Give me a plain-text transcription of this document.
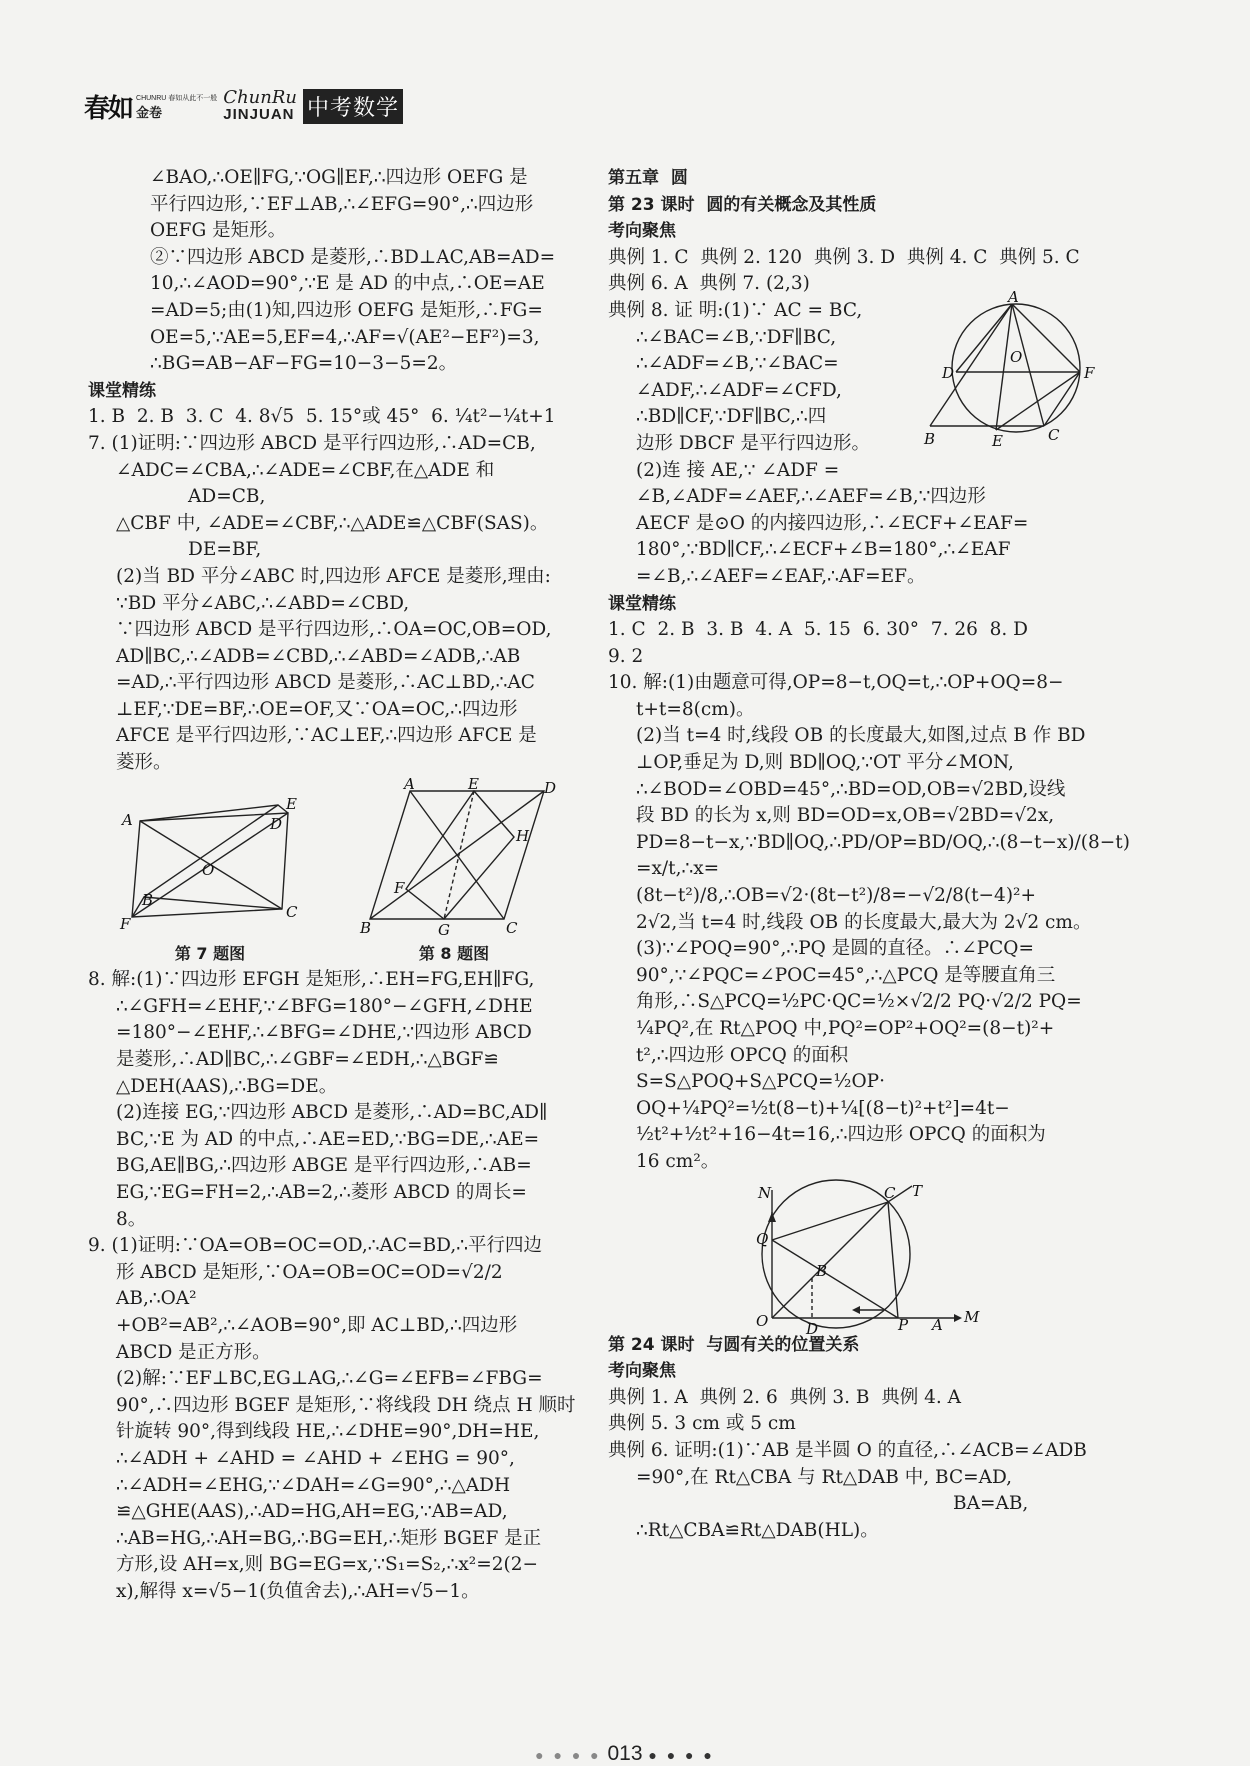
春如 CHUNRU 春如从此不一般
金卷
ChunRu
JINJUAN 中考数学

∠BAO,∴OE∥FG,∵OG∥EF,∴四边形 OEFG 是

平行四边形,∵EF⊥AB,∴∠EFG=90°,∴四边形

OEFG 是矩形。

②∵四边形 ABCD 是菱形,∴BD⊥AC,AB=AD=

10,∴∠AOD=90°,∵E 是 AD 的中点,∴OE=AE

=AD=5;由(1)知,四边形 OEFG 是矩形,∴FG=

OE=5,∵AE=5,EF=4,∴AF=√(AE²−EF²)=3,

∴BG=AB−AF−FG=10−3−5=2。

课堂精练

1. B  2. B  3. C  4. 8√5  5. 15°或 45°  6. ¼t²−¼t+1

7. (1)证明:∵四边形 ABCD 是平行四边形,∴AD=CB,

∠ADC=∠CBA,∴∠ADE=∠CBF,在△ADE 和

AD=CB,

△CBF 中, ∠ADE=∠CBF,∴△ADE≌△CBF(SAS)。

DE=BF,

(2)当 BD 平分∠ABC 时,四边形 AFCE 是菱形,理由:

∵BD 平分∠ABC,∴∠ABD=∠CBD,

∵四边形 ABCD 是平行四边形,∴OA=OC,OB=OD,

AD∥BC,∴∠ADB=∠CBD,∴∠ABD=∠ADB,∴AB

=AD,∴平行四边形 ABCD 是菱形,∴AC⊥BD,∴AC

⊥EF,∵DE=BF,∴OE=OF,又∵OA=OC,∴四边形

AFCE 是平行四边形,∵AC⊥EF,∴四边形 AFCE 是

菱形。

A
E
D
O
B
C
F
第 7 题图
A	E	D
H
F
B	G	C
第 8 题图

8. 解:(1)∵四边形 EFGH 是矩形,∴EH=FG,EH∥FG,

∴∠GFH=∠EHF,∵∠BFG=180°−∠GFH,∠DHE

=180°−∠EHF,∴∠BFG=∠DHE,∵四边形 ABCD

是菱形,∴AD∥BC,∴∠GBF=∠EDH,∴△BGF≌

△DEH(AAS),∴BG=DE。

(2)连接 EG,∵四边形 ABCD 是菱形,∴AD=BC,AD∥

BC,∵E 为 AD 的中点,∴AE=ED,∵BG=DE,∴AE=

BG,AE∥BG,∴四边形 ABGE 是平行四边形,∴AB=

EG,∵EG=FH=2,∴AB=2,∴菱形 ABCD 的周长=

8。

9. (1)证明:∵OA=OB=OC=OD,∴AC=BD,∴平行四边

形 ABCD 是矩形,∵OA=OB=OC=OD=√2/2 AB,∴OA²

+OB²=AB²,∴∠AOB=90°,即 AC⊥BD,∴四边形

ABCD 是正方形。

(2)解:∵EF⊥BC,EG⊥AG,∴∠G=∠EFB=∠FBG=

90°,∴四边形 BGEF 是矩形,∵将线段 DH 绕点 H 顺时

针旋转 90°,得到线段 HE,∴∠DHE=90°,DH=HE,

∴∠ADH + ∠AHD = ∠AHD + ∠EHG = 90°,

∴∠ADH=∠EHG,∵∠DAH=∠G=90°,∴△ADH

≌△GHE(AAS),∴AD=HG,AH=EG,∵AB=AD,

∴AB=HG,∴AH=BG,∴BG=EH,∴矩形 BGEF 是正

方形,设 AH=x,则 BG=EG=x,∵S₁=S₂,∴x²=2(2−

x),解得 x=√5−1(负值舍去),∴AH=√5−1。

第五章  圆

第 23 课时  圆的有关概念及其性质

考向聚焦

典例 1. C  典例 2. 120  典例 3. D  典例 4. C  典例 5. C

典例 6. A  典例 7. (2,3)

A
D	F
O
B	E	C

典例 8. 证 明:(1)∵ AC = BC,

∴∠BAC=∠B,∵DF∥BC,

∴∠ADF=∠B,∵∠BAC=

∠ADF,∴∠ADF=∠CFD,

∴BD∥CF,∵DF∥BC,∴四

边形 DBCF 是平行四边形。

(2)连 接 AE,∵ ∠ADF =

∠B,∠ADF=∠AEF,∴∠AEF=∠B,∵四边形

AECF 是⊙O 的内接四边形,∴∠ECF+∠EAF=

180°,∵BD∥CF,∴∠ECF+∠B=180°,∴∠EAF

=∠B,∴∠AEF=∠EAF,∴AF=EF。

课堂精练

1. C  2. B  3. B  4. A  5. 15  6. 30°  7. 26  8. D

9. 2

10. 解:(1)由题意可得,OP=8−t,OQ=t,∴OP+OQ=8−

t+t=8(cm)。

(2)当 t=4 时,线段 OB 的长度最大,如图,过点 B 作 BD

⊥OP,垂足为 D,则 BD∥OQ,∵OT 平分∠MON,

∴∠BOD=∠OBD=45°,∴BD=OD,OB=√2BD,设线

段 BD 的长为 x,则 BD=OD=x,OB=√2BD=√2x,

PD=8−t−x,∵BD∥OQ,∴PD/OP=BD/OQ,∴(8−t−x)/(8−t)

=x/t,∴x=(8t−t²)/8,∴OB=√2·(8t−t²)/8=−√2/8(t−4)²+

2√2,当 t=4 时,线段 OB 的长度最大,最大为 2√2 cm。

(3)∵∠POQ=90°,∴PQ 是圆的直径。∴∠PCQ=

90°,∵∠PQC=∠POC=45°,∴△PCQ 是等腰直角三

角形,∴S△PCQ=½PC·QC=½×√2/2 PQ·√2/2 PQ=

¼PQ²,在 Rt△POQ 中,PQ²=OP²+OQ²=(8−t)²+

t²,∴四边形 OPCQ 的面积 S=S△POQ+S△PCQ=½OP·

OQ+¼PQ²=½t(8−t)+¼[(8−t)²+t²]=4t−

½t²+½t²+16−4t=16,∴四边形 OPCQ 的面积为

16 cm²。

N	T
C
Q
B
O	D	P A M

第 24 课时  与圆有关的位置关系

考向聚焦

典例 1. A  典例 2. 6  典例 3. B  典例 4. A

典例 5. 3 cm 或 5 cm

典例 6. 证明:(1)∵AB 是半圆 O 的直径,∴∠ACB=∠ADB

=90°,在 Rt△CBA 与 Rt△DAB 中, BC=AD,

BA=AB,

∴Rt△CBA≌Rt△DAB(HL)。

● ● ● ● 013 ● ● ● ●
